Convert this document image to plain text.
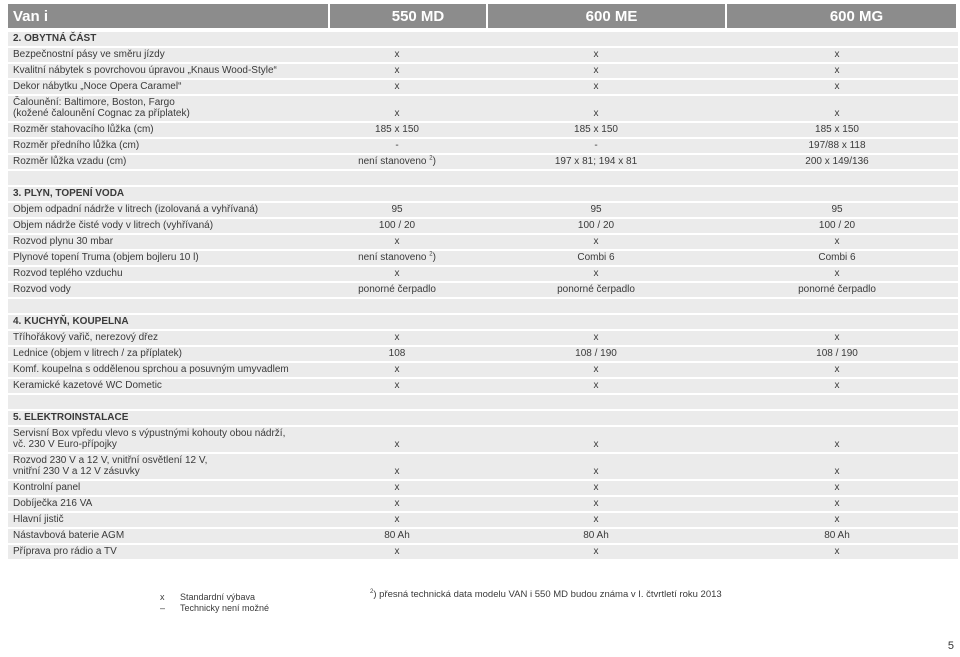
Van i	550 MD	600 ME	600 MG
2. OBYTNÁ ČÁST
Bezpečnostní pásy ve směru jízdy	x	x	x
Kvalitní nábytek s povrchovou úpravou „Knaus Wood-Style“	x	x	x
Dekor nábytku „Noce Opera Caramel“	x	x	x
Čalounění: Baltimore, Boston, Fargo
(kožené čalounění Cognac za příplatek)	x	x	x
Rozměr stahovacího lůžka (cm)	185 x 150	185 x 150	185 x 150
Rozměr předního lůžka (cm)	-	-	197/88 x 118
Rozměr lůžka vzadu (cm)	není stanoveno $^2$)	197 x 81; 194 x 81	200 x 149/136
3. PLYN, TOPENÍ VODA
Objem odpadní nádrže v litrech (izolovaná a vyhřívaná)	95	95	95
Objem nádrže čisté vody v litrech (vyhřívaná)	100 / 20	100 / 20	100 / 20
Rozvod plynu 30 mbar	x	x	x
Plynové topení Truma (objem bojleru 10 l)	není stanoveno $^2$)	Combi 6	Combi 6
Rozvod teplého vzduchu	x	x	x
Rozvod vody	ponorné čerpadlo	ponorné čerpadlo	ponorné čerpadlo
4. KUCHYŇ, KOUPELNA
Tříhořákový vařič, nerezový dřez	x	x	x
Lednice (objem v litrech / za příplatek)	108	108 / 190	108 / 190
Komf. koupelna s oddělenou sprchou a posuvným umyvadlem	x	x	x
Keramické kazetové WC Dometic	x	x	x
5. ELEKTROINSTALACE
Servisní Box vpředu vlevo s výpustnými kohouty obou nádrží,
vč. 230 V Euro-přípojky	x	x	x
Rozvod 230 V a 12 V, vnitřní osvětlení 12 V,
vnitřní 230 V a 12 V zásuvky	x	x	x
Kontrolní panel	x	x	x
Dobíječka 216 VA	x	x	x
Hlavní jistič	x	x	x
Nástavbová baterie AGM	80 Ah	80 Ah	80 Ah
Příprava pro rádio a TV	x	x	x
x	Standardní výbava
–	Technicky není možné
$^2$) přesná technická data modelu VAN i 550 MD budou známa v I. čtvrtletí roku 2013
5
